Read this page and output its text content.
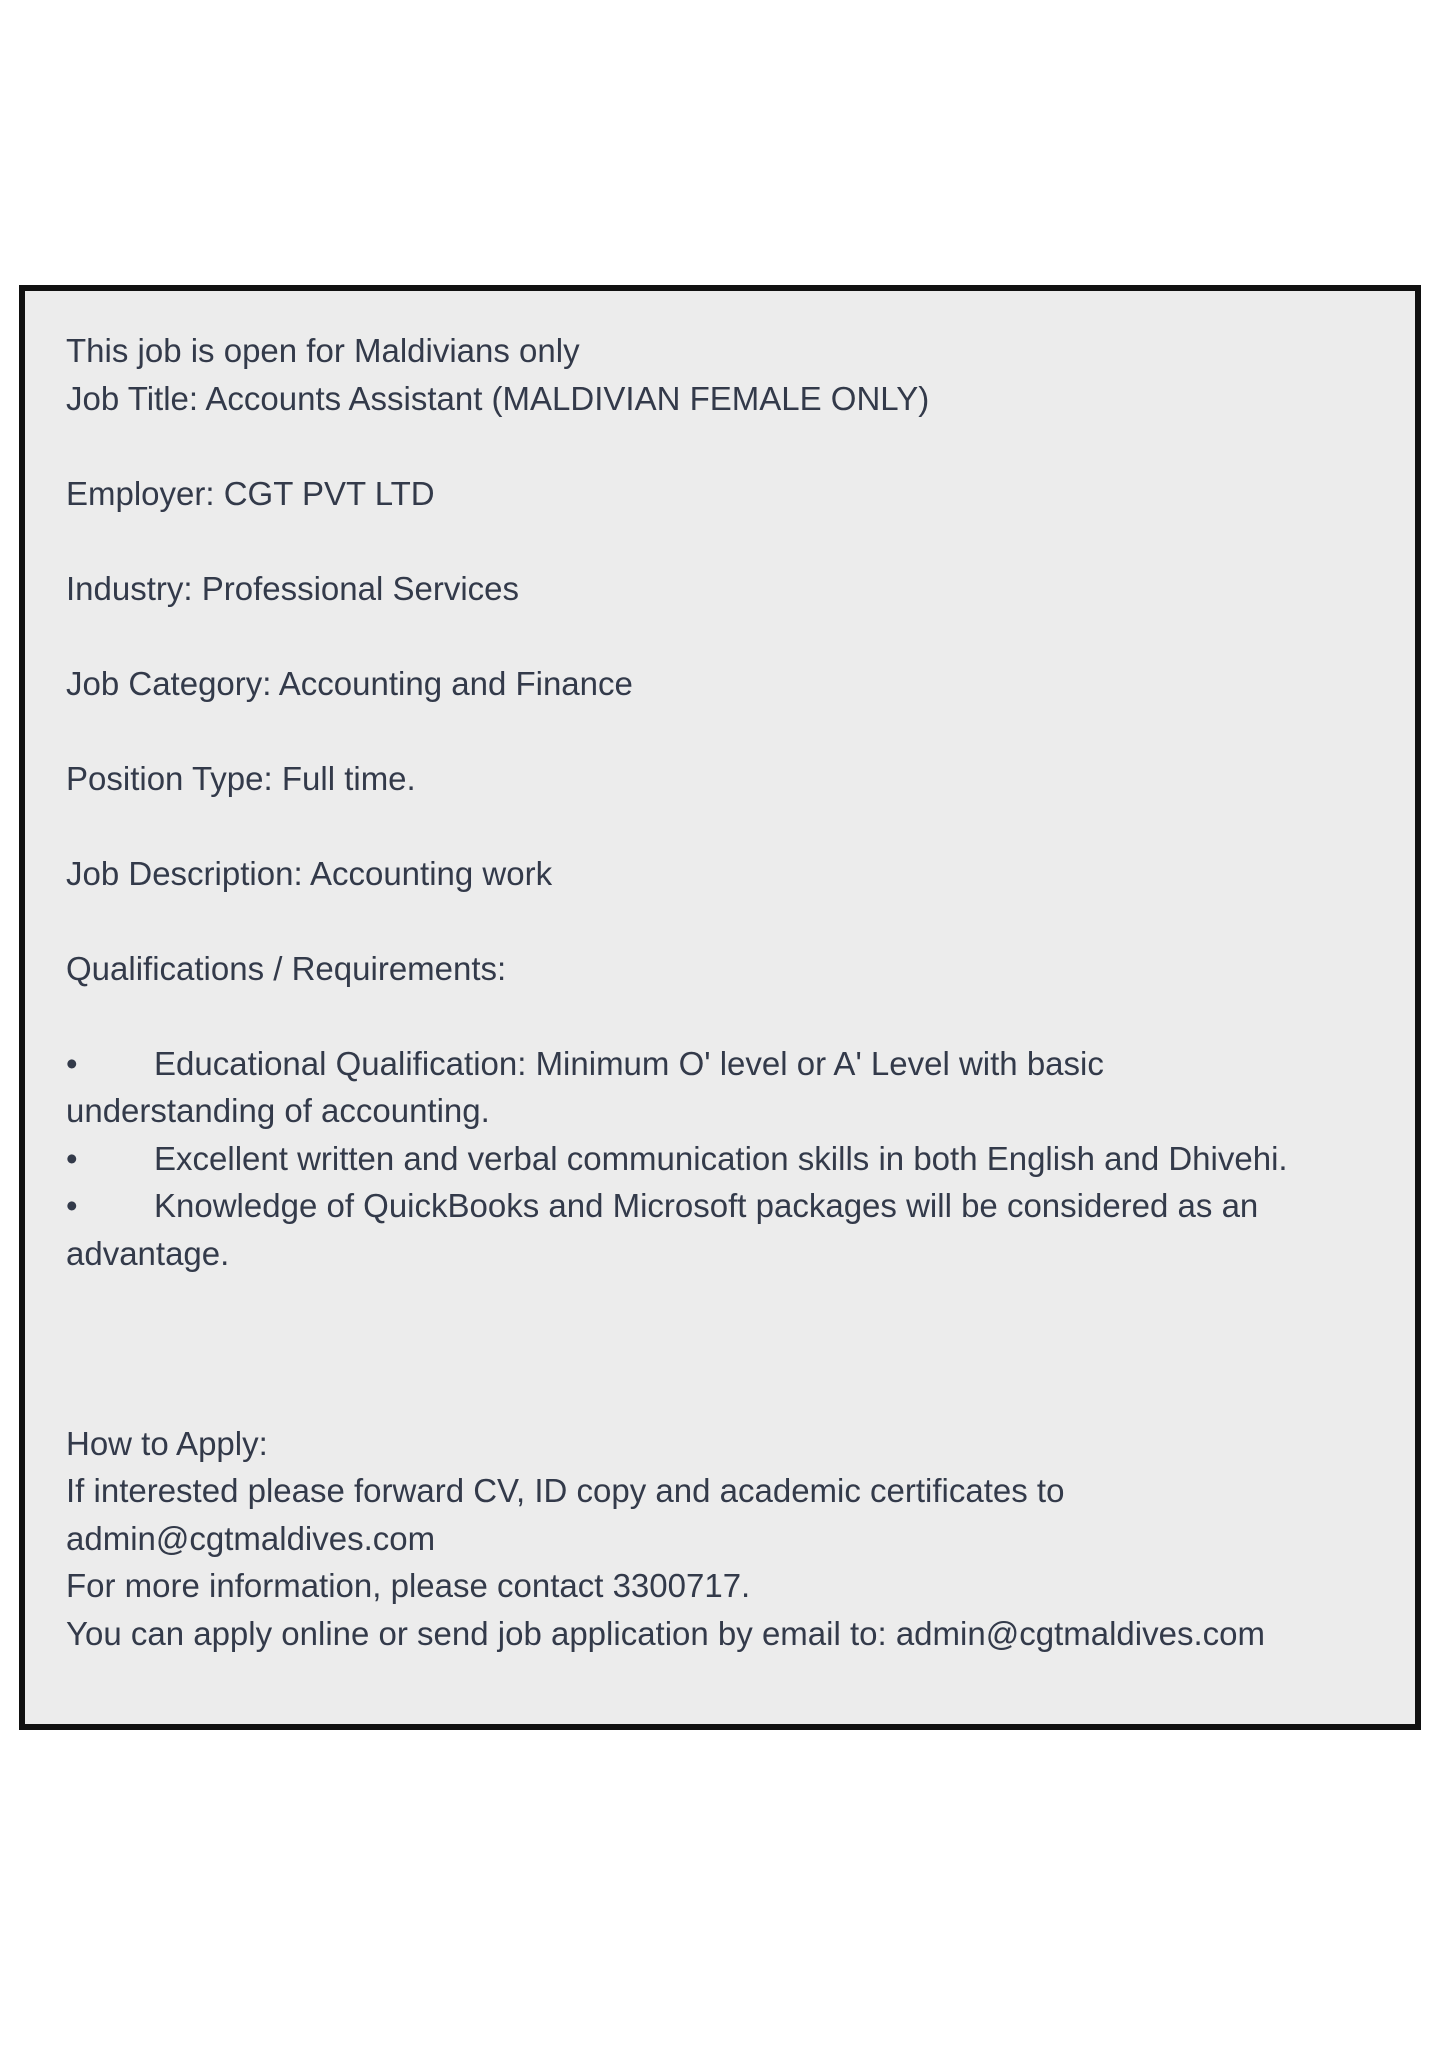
This job is open for Maldivians only
Job Title: Accounts Assistant (MALDIVIAN FEMALE ONLY)
Employer: CGT PVT LTD
Industry: Professional Services
Job Category: Accounting and Finance
Position Type: Full time.
Job Description: Accounting work
Qualifications / Requirements:
• Educational Qualification: Minimum O' level or A' Level with basic
understanding of accounting.
• Excellent written and verbal communication skills in both English and Dhivehi.
• Knowledge of QuickBooks and Microsoft packages will be considered as an
advantage.
How to Apply:
If interested please forward CV, ID copy and academic certificates to
admin@cgtmaldives.com
For more information, please contact 3300717.
You can apply online or send job application by email to: admin@cgtmaldives.com
